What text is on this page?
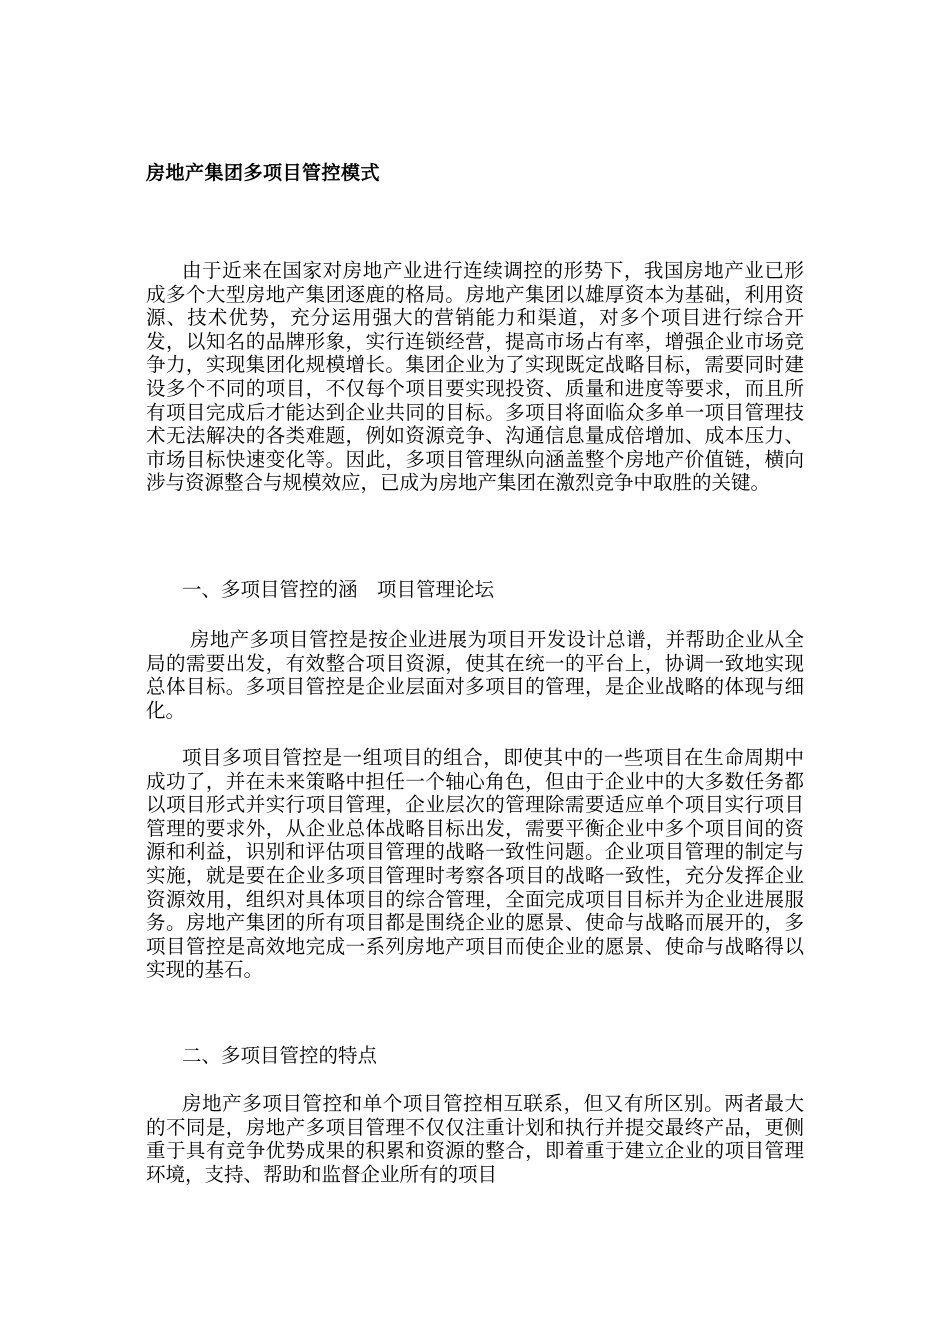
房地产集团多项目管控模式

由于近来在国家对房地产业进行连续调控的形势下，我国房地产业已形成多个大型房地产集团逐鹿的格局。房地产集团以雄厚资本为基础，利用资源、技术优势，充分运用强大的营销能力和渠道，对多个项目进行综合开发，以知名的品牌形象，实行连锁经营，提高市场占有率，增强企业市场竞争力，实现集团化规模增长。集团企业为了实现既定战略目标，需要同时建设多个不同的项目，不仅每个项目要实现投资、质量和进度等要求，而且所有项目完成后才能达到企业共同的目标。多项目将面临众多单一项目管理技术无法解决的各类难题，例如资源竞争、沟通信息量成倍增加、成本压力、市场目标快速变化等。因此，多项目管理纵向涵盖整个房地产价值链，横向涉与资源整合与规模效应，已成为房地产集团在激烈竞争中取胜的关键。

一、多项目管控的涵　项目管理论坛

房地产多项目管控是按企业进展为项目开发设计总谱，并帮助企业从全局的需要出发，有效整合项目资源，使其在统一的平台上，协调一致地实现总体目标。多项目管控是企业层面对多项目的管理，是企业战略的体现与细化。

项目多项目管控是一组项目的组合，即使其中的一些项目在生命周期中成功了，并在未来策略中担任一个轴心角色，但由于企业中的大多数任务都以项目形式并实行项目管理，企业层次的管理除需要适应单个项目实行项目管理的要求外，从企业总体战略目标出发，需要平衡企业中多个项目间的资源和利益，识别和评估项目管理的战略一致性问题。企业项目管理的制定与实施，就是要在企业多项目管理时考察各项目的战略一致性，充分发挥企业资源效用，组织对具体项目的综合管理，全面完成项目目标并为企业进展服务。房地产集团的所有项目都是围绕企业的愿景、使命与战略而展开的，多项目管控是高效地完成一系列房地产项目而使企业的愿景、使命与战略得以实现的基石。

二、多项目管控的特点

房地产多项目管控和单个项目管控相互联系，但又有所区别。两者最大的不同是，房地产多项目管理不仅仅注重计划和执行并提交最终产品，更侧重于具有竞争优势成果的积累和资源的整合，即着重于建立企业的项目管理环境，支持、帮助和监督企业所有的项目
